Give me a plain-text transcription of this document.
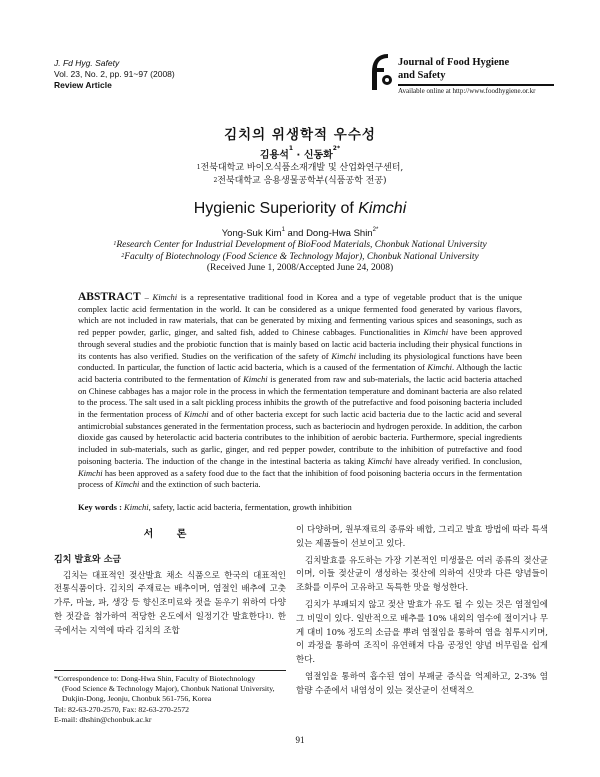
J. Fd Hyg. Safety
Vol. 23, No. 2, pp. 91~97 (2008)
Review Article
Journal of Food Hygiene
and Safety
Available online at http://www.foodhygiene.or.kr
김치의 위생학적 우수성
김용석$^1$ · 신동화$^{2*}$
$^1$전북대학교 바이오식품소재개발 및 산업화연구센터,
$^2$전북대학교 응용생물공학부(식품공학 전공)
Hygienic Superiority of Kimchi
Yong-Suk Kim$^1$ and Dong-Hwa Shin$^{2*}$
$^1$Research Center for Industrial Development of BioFood Materials, Chonbuk National University
$^2$Faculty of Biotechnology (Food Science & Technology Major), Chonbuk National University
(Received June 1, 2008/Accepted June 24, 2008)
ABSTRACT – Kimchi is a representative traditional food in Korea and a type of vegetable product that is the unique complex lactic acid fermentation in the world. It can be considered as a unique fermented food generated by various flavors, which are not included in raw materials, that can be generated by mixing and fermenting various spices and seasonings, such as red pepper powder, garlic, ginger, and salted fish, added to Chinese cabbages. Functionalities in Kimchi have been approved through several studies and the probiotic function that is mainly based on lactic acid bacteria including their physical functions in its contents has also verified. Studies on the verification of the safety of Kimchi including its physiological functions have been conducted. In particular, the function of lactic acid bacteria, which is a caused of the fermentation of Kimchi. Although the lactic acid bacteria contributed to the fermentation of Kimchi is generated from raw and sub-materials, the lactic acid bacteria attached on Chinese cabbages has a major role in the process in which the fermentation temperature and dominant bacteria are also related to the process. The salt used in a salt pickling process inhibits the growth of the putrefactive and food poisoning bacteria included in the fermentation process of Kimchi and of other bacteria except for such lactic acid bacteria due to the lactic acid and several antimicrobial substances generated in the fermentation process, such as bacteriocin and hydrogen peroxide. In addition, the carbon dioxide gas caused by heterolactic acid bacteria contributes to the inhibition of aerobic bacteria. Furthermore, special ingredients included in sub-materials, such as garlic, ginger, and red pepper powder, contribute to the inhibition of putrefactive and food poisoning bacteria. The induction of the change in the intestinal bacteria as taking Kimchi have already verified. In conclusion, Kimchi has been approved as a safety food due to the fact that the inhibition of food poisoning bacteria occurs in the fermentation process of Kimchi and the extinction of such bacteria.
Key words : Kimchi, safety, lactic acid bacteria, fermentation, growth inhibition
서 론
김치 발효와 소금

김치는 대표적인 젖산발효 채소 식품으로 한국의 대표적인 전통식품이다. 김치의 주재료는 배추이며, 염절인 배추에 고춧가루, 마늘, 파, 생강 등 향신조미료와 젓을 돋우기 위하여 다양한 젓갈을 첨가하여 적당한 온도에서 일정기간 발효한다$^{1)}$. 한국에서는 지역에 따라 김치의 조합

이 다양하며, 원부재료의 종류와 배합, 그리고 발효 방법에 따라 특색 있는 제품들이 선보이고 있다.

김치발효를 유도하는 가장 기본적인 미생물은 여러 종류의 젖산균이며, 이들 젖산균이 생성하는 젖산에 의하여 신맛과 다른 양념들이 조화를 이루어 고유하고 독특한 맛을 형성한다.

김치가 부패되지 않고 젖산 발효가 유도 될 수 있는 것은 염절임에 그 비밀이 있다. 일반적으로 배추를 10% 내외의 염수에 절이거나 무게 대비 10% 정도의 소금을 뿌려 염절임을 통하여 염을 침투시키며, 이 과정을 통하여 조직이 유연해져 다음 공정인 양념 버무림을 쉽게 한다.

염절임을 통하여 흡수된 염이 부패균 증식을 억제하고, 2-3% 염 함량 수준에서 내염성이 있는 젖산균이 선택적으

*Correspondence to: Dong-Hwa Shin, Faculty of Biotechnology
(Food Science & Technology Major), Chonbuk National University, Dukjin-Dong, Jeonju, Chonbuk 561-756, Korea
Tel: 82-63-270-2570, Fax: 82-63-270-2572
E-mail: dhshin@chonbuk.ac.kr
91
